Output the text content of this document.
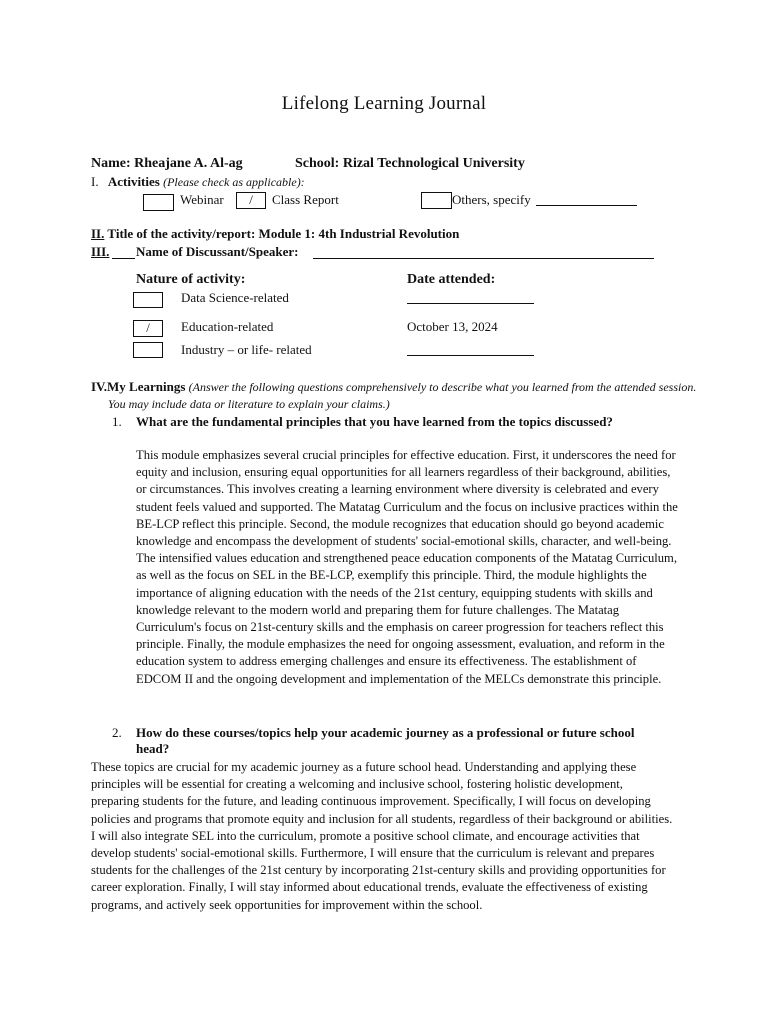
Lifelong Learning Journal
Name: Rheajane A. Al-ag	School: Rizal Technological University
I. Activities (Please check as applicable):
Webinar	/	Class Report	Others, specify
II. Title of the activity/report: Module 1: 4th Industrial Revolution
III. Name of Discussant/Speaker:
Nature of activity:	Date attended:
Data Science-related
/	Education-related	October 13, 2024
Industry – or life- related
IV.My Learnings (Answer the following questions comprehensively to describe what you learned from the attended session.
You may include data or literature to explain your claims.)
1. What are the fundamental principles that you have learned from the topics discussed?
This module emphasizes several crucial principles for effective education. First, it underscores the need for equity and inclusion, ensuring equal opportunities for all learners regardless of their background, abilities, or circumstances. This involves creating a learning environment where diversity is celebrated and every student feels valued and supported. The Matatag Curriculum and the focus on inclusive practices within the BE-LCP reflect this principle. Second, the module recognizes that education should go beyond academic knowledge and encompass the development of students' social-emotional skills, character, and well-being. The intensified values education and strengthened peace education components of the Matatag Curriculum, as well as the focus on SEL in the BE-LCP, exemplify this principle. Third, the module highlights the importance of aligning education with the needs of the 21st century, equipping students with skills and knowledge relevant to the modern world and preparing them for future challenges. The Matatag Curriculum's focus on 21st-century skills and the emphasis on career progression for teachers reflect this principle. Finally, the module emphasizes the need for ongoing assessment, evaluation, and reform in the education system to address emerging challenges and ensure its effectiveness. The establishment of EDCOM II and the ongoing development and implementation of the MELCs demonstrate this principle.
2. How do these courses/topics help your academic journey as a professional or future school
head?
These topics are crucial for my academic journey as a future school head. Understanding and applying these principles will be essential for creating a welcoming and inclusive school, fostering holistic development, preparing students for the future, and leading continuous improvement. Specifically, I will focus on developing policies and programs that promote equity and inclusion for all students, regardless of their background or abilities. I will also integrate SEL into the curriculum, promote a positive school climate, and encourage activities that develop students' social-emotional skills. Furthermore, I will ensure that the curriculum is relevant and prepares students for the challenges of the 21st century by incorporating 21st-century skills and providing opportunities for career exploration. Finally, I will stay informed about educational trends, evaluate the effectiveness of existing programs, and actively seek opportunities for improvement within the school.
